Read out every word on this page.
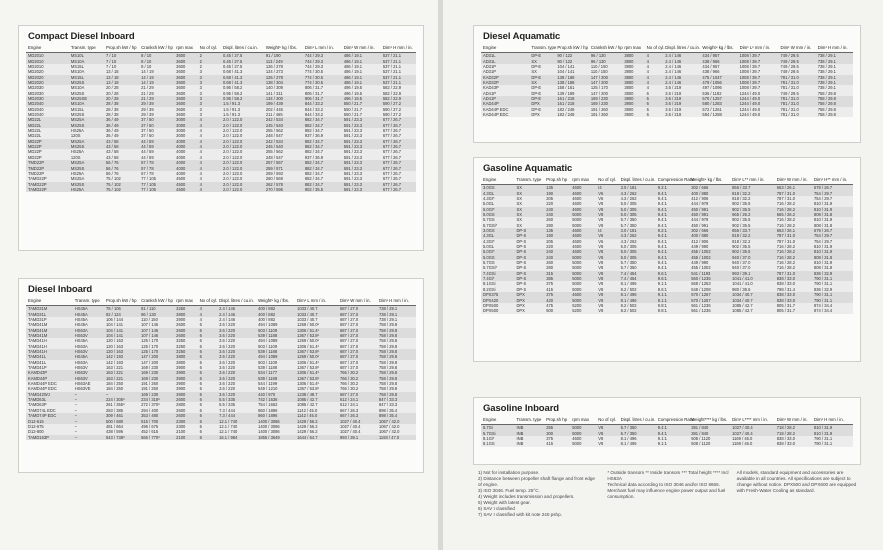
Compact Diesel Inboard
Engine	Transm. type	Prop.sh kW / hp	Cranksh kW / hp	rpm max	No of cyl.	Displ. litres / cu.in.	Weight⁵ kg / lbs.	Dim¹ L mm / in.	Dim¹ W mm / in.	Dim¹ H mm / in.
MD2010	MS10L	7 / 10	8 / 10	3600	2	0.45 / 27.5	91 / 190	744 / 29.3	486 / 19.1	537 / 21.1
MD2010	MS10A	7 / 10	8 / 10	3600	2	0.45 / 27.5	113 / 249	744 / 29.3	486 / 19.1	537 / 21.1
MD2010	MS15L	7 / 10	8 / 10	3600	2	0.45 / 27.5	126 / 278	744 / 29.3	486 / 19.1	537 / 21.1
MD2020	MS10A	13 / 18	14 / 19	3600	3	0.68 / 41.3	124 / 273	774 / 30.5	486 / 19.1	537 / 21.1
MD2020	MS15L	13 / 18	14 / 19	3600	3	0.68 / 41.3	126 / 278	774 / 30.5	486 / 19.1	537 / 21.1
MD2020	MS25S	13 / 18	14 / 19	3600	3	0.68 / 41.3	138 / 304	774 / 30.5	486 / 19.1	537 / 21.1
MD2030	MS10A	20 / 28	21 / 29	3600	3	0.95 / 58.2	140 / 309	806 / 31.7	496 / 19.5	582 / 22.9
MD2030	MS25S	20 / 28	21 / 29	3600	3	0.95 / 58.2	141 / 311	806 / 31.7	496 / 19.5	582 / 22.9
MD2030	MS25SE	20 / 28	21 / 29	3600	3	0.95 / 58.2	134 / 300	806 / 31.7	496 / 19.5	582 / 22.9
MD2040	MS10A	28 / 38	29 / 39	3600	3	1.5 / 91.3	199 / 439	844 / 33.2	550 / 21.7	590 / 27.2
MD2040	MS15L	28 / 38	29 / 39	3600	3	1.5 / 91.3	202 / 445	844 / 33.2	550 / 21.7	590 / 27.2
MD2040	MS25S	28 / 38	29 / 39	3600	3	1.5 / 91.3	211 / 465	844 / 33.2	550 / 21.7	590 / 27.2
MD22L	MS25A	36 / 49	37 / 50	3000	4	2.0 / 122.0	242 / 534	882 / 34.7	591 / 23.3	677 / 26.7
MD22L	MS25S	36 / 49	37 / 50	3000	4	2.0 / 122.0	245 / 540	882 / 34.7	591 / 23.3	677 / 26.7
MD22L	HS25A	36 / 49	37 / 50	3000	4	2.0 / 122.0	255 / 562	882 / 34.7	591 / 23.3	677 / 26.7
MD22L	120S	36 / 49	37 / 50	3000	4	2.0 / 122.0	248 / 547	937 / 36.9	591 / 23.3	677 / 26.7
MD22P	MS25A	43 / 58	44 / 59	4000	4	2.0 / 122.0	242 / 534	882 / 34.7	591 / 23.3	677 / 26.7
MD22P	MS25S	43 / 58	44 / 59	4000	4	2.0 / 122.0	245 / 540	882 / 34.7	591 / 23.3	677 / 26.7
MD22P	HS25A	43 / 58	44 / 59	4000	4	2.0 / 122.0	255 / 562	882 / 34.7	591 / 23.3	677 / 26.7
MD22P	120S	43 / 58	44 / 59	4000	4	2.0 / 122.0	248 / 547	937 / 36.9	591 / 23.3	677 / 26.7
TMD22P	MS25A	56 / 76	57 / 78	4000	4	2.0 / 122.0	257 / 567	882 / 34.7	591 / 23.3	677 / 26.7
TMD22P	MS25S	56 / 76	57 / 78	4000	4	2.0 / 122.0	259 / 571	882 / 34.7	591 / 23.3	677 / 26.7
TMD22P	HS25A	56 / 76	57 / 78	4000	4	2.0 / 122.0	269 / 593	882 / 34.7	591 / 23.3	677 / 26.7
TAMD22P	MS25A	75 / 102	77 / 105	4500	4	2.0 / 122.0	260 / 569	882 / 34.7	591 / 23.3	677 / 26.7
TAMD22P	MS25S	75 / 102	77 / 105	4500	4	2.0 / 122.0	262 / 578	882 / 34.7	591 / 23.3	677 / 26.7
TAMD22P	HS25A	75 / 102	77 / 105	4500	4	2.0 / 122.0	270 / 595	902 / 35.5	591 / 23.3	677 / 26.7
Diesel Inboard
Engine	Transm. type	Prop.sh kW / hp	Cranksh kW / hp	rpm max	No of cyl.	Displ. litres / cu.in.	Weight⁵ kg / lbs.	Dim¹ L mm / in.	Dim¹ W mm / in.	Dim¹ H mm / in.
TAMD31M	HS45A	78 / 106	81 / 110	3250	4	2.4 / 146	400 / 882	1033 / 40.7	687 / 27.0	738 / 29.1
TAMD31L	HS45A	92 / 124	96 / 130	3800	4	2.4 / 146	400 / 882	1033 / 40.7	687 / 27.0	738 / 29.1
TAMD31P	HS45A	106 / 144	110 / 150	3900	4	2.4 / 146	400 / 882	1033 / 40.7	687 / 27.0	738 / 29.1
TAMD41M	HS45A	104 / 141	107 / 146	2600	6	3.6 / 220	494 / 1089	1269 / 50.0⁶	687 / 27.0	758 / 29.8
TAMD41M	HS63A	104 / 141	107 / 146	2600	6	3.6 / 220	503 / 1109	1306 / 51.4⁶	687 / 27.0	758 / 29.8
TAMD41M	HS63V	104 / 141	107 / 146	2600	6	3.6 / 220	539 / 1188	1367 / 53.8⁶	687 / 27.0	758 / 29.8
TAMD41H	HS45A	120 / 163	125 / 170	3250	6	3.6 / 220	494 / 1089	1269 / 50.0⁶	687 / 27.0	758 / 29.8
TAMD41H	HS63A	120 / 163	125 / 170	3250	6	3.6 / 220	503 / 1109	1306 / 51.4⁶	687 / 27.0	758 / 29.8
TAMD41H	HS63V	120 / 163	125 / 170	3250	6	3.6 / 220	539 / 1188	1367 / 53.8⁶	687 / 27.0	758 / 29.8
TAMD41L	HS45A	142 / 193	147 / 200	3800	6	3.6 / 220	494 / 1089	1269 / 50.0⁶	687 / 27.0	758 / 29.8
TAMD41L	HS63A	142 / 193	147 / 200	3800	6	3.6 / 220	503 / 1109	1306 / 51.4⁶	687 / 27.0	758 / 29.8
TAMD41P	HS63V	163 / 221	169 / 230	3900	6	3.6 / 220	539 / 1188	1367 / 53.8⁶	687 / 27.0	758 / 29.8
KAMD43P	HS63V	163 / 221	169 / 230	3900	6	3.6 / 220	534 / 1177	1306 / 51.4⁶	766 / 30.2	758 / 29.8
KAMD44P	HS63V	163 / 221	169 / 230	3900	6	3.6 / 220	539 / 1188	1367 / 53.8⁶	766 / 30.2	758 / 29.8
KAMD44P EDC	HS63AE	184 / 250	191 / 260	3900	6	3.6 / 220	544 / 1199	1306 / 51.4⁶	766 / 30.2	758 / 29.8
KAMD44P EDC	HS63VE	184 / 250	191 / 260	3900	6	3.6 / 220	549 / 1210	1367 / 53.8⁶	766 / 30.2	758 / 29.8
TAMD42WJ	–	–	169 / 230	3900	6	3.6 / 220	440 / 970	1238 / 48.7	687 / 27.0	758 / 29.8
TAMD63L	–	224 / 305⁸	234 / 318⁸	2600	6	5.5 / 335	742 / 1636	1085 / 42.7	612 / 24.1	847 / 33.3
TAMD63P	–	261 / 355⁸	272 / 370⁸	2800	6	5.5 / 335	754 / 1662	1085 / 42.7	612 / 24.1	847 / 33.3
TAMD74L EDC	–	283 / 385	294 / 400	2600	6	7.3 / 444	860 / 1896	1142 / 45.0	667 / 26.3	898 / 35.4
TAMD74P EDC	–	309 / 461	353 / 480	2600	6	7.3 / 444	860 / 1896	1142 / 45.0	667 / 26.3	898 / 35.4
D12-615	–	500 / 680	515 / 700	2300	6	12.1 / 740	1400 / 3086	1429 / 56.2	1027 / 40.4	1067 / 42.0
D12-675	–	481 / 654	496 / 675	2300	6	12.1 / 740	1400 / 3086	1429 / 56.2	1027 / 40.4	1067 / 42.0
D12-800	–	438 / 596	452 / 615	2100	6	12.1 / 740	1400 / 3086	1429 / 56.2	1027 / 40.4	1067 / 42.0
TAMD163P	–	543 / 738⁸	566 / 770⁸	2100	6	16.1 / 984	1855 / 3649	1644 / 64.7	993 / 39.1	1193 / 47.0
Diesel Aquamatic
Engine	Transm. type	Prop.sh kW / hp	Cranksh kW / hp	rpm max	No of cyl.	Displ. litres / cu.in.	Weight⁴ kg / lbs.	Dim¹ L² mm / in.	Dim¹ W mm / in.	Dim¹ H mm / in.
AD31L	DP-E	90 / 122	96 / 130	3800	4	2.4 / 146	434 / 957	1008 / 39.7	749 / 29.5	738 / 29.1
AD31L	SX	90 / 122	96 / 130	3800	4	2.4 / 146	438 / 966	1008 / 39.7	749 / 29.5	738 / 29.1
AD31P	DP-E	104 / 141	110 / 150	3900	4	2.4 / 146	434 / 957	1008 / 39.7	749 / 29.5	738 / 29.1
AD31P	SX	104 / 141	110 / 150	3900	4	2.4 / 146	438 / 966	1008 / 39.7	749 / 29.5	738 / 29.1
KAD32P	DP-E	138 / 188	147 / 200	3800	4	2.4 / 146	475 / 1047	1008 / 39.7	781 / 31.0	738 / 29.1
KAD32P	SX	138 / 188	147 / 200	3800	4	2.4 / 146	479 / 1056	1008 / 39.7	781 / 31.0	738 / 29.1
KAD43P	DP-E	158 / 161	125 / 170	3800	4	3.6 / 219	497 / 1096	1008 / 39.7	781 / 31.0	738 / 29.1
AD41P	DP-E	139 / 189	147 / 200	3800	6	3.6 / 219	536 / 1182	1244 / 49.0	749 / 29.5	758 / 29.8
AD41P	DP-E	161 / 218	169 / 230	3900	6	3.6 / 219	570 / 1257	1244 / 49.0	781 / 31.0	758 / 29.8
KAD44P	DPX	161 / 218	169 / 230	3900	6	3.6 / 219	580 / 1283	1244 / 49.0	781 / 31.0	758 / 29.8
KAD44P EDC	DP-E	182 / 248	191 / 260	3900	6	3.6 / 219	572 / 1261	1244 / 49.0	781 / 31.0	758 / 29.8
KAD44P EDC	DPX	182 / 248	191 / 260	3900	6	3.6 / 219	584 / 1288	1244 / 49.0	781 / 31.0	758 / 29.8
Gasoline Aquamatic
Engine	Transm. type	Prop.sh hp	rpm max	No of cyl.	Displ. litres / cu.in.	Compression Ratio	Weight⁴ kg / lbs.	Dim¹ L** mm / in.	Dim¹ W mm / in.	Dim¹ H** mm / in.
3.0GS	SX	135	4600	I4	3.0 / 181	9.2:1	302 / 666	856 / 33.7	663 / 26.1	679 / 26.7
4.3GL	SX	190	4600	V6	4.3 / 262	9.4:1	400 / 880	818 / 32.2	787 / 31.0	754 / 29.7
4.3GI*	SX	205	4600	V6	4.3 / 262	9.4:1	412 / 906	818 / 32.2	787 / 31.0	754 / 29.7
5.0GL	SX	220	4600	V8	5.0 / 305	9.4:1	444 / 979	902 / 35.5	716 / 28.2	810 / 31.9
5.0GI*	SX	240	4600	V8	5.0 / 305	9.4:1	450 / 991	902 / 35.5	716 / 28.2	810 / 31.9
5.0GS	SX	240	5000	V8	5.0 / 305	9.4:1	450 / 991	665 / 26.2	665 / 26.2	808 / 31.8
5.7GS	SX	260	5000	V8	5.7 / 350	9.4:1	444 / 979	902 / 35.5	716 / 28.2	810 / 31.9
5.7GSi*	SX	280	5000	V8	5.7 / 350	9.4:1	450 / 991	902 / 35.5	716 / 28.2	808 / 31.8
3.0GS	DP-S	135	4600	I4	3.0 / 181	9.2:1	302 / 666	856 / 33.7	663 / 26.1	679 / 26.7
4.3GL	DP-S	190	4600	V6	4.3 / 262	9.4:1	400 / 880	818 / 32.2	787 / 31.0	754 / 29.7
4.3GI*	DP-S	205	4600	V6	4.3 / 262	9.4:1	412 / 906	818 / 32.2	787 / 31.0	754 / 29.7
5.0GL	DP-S	220	4600	V8	5.0 / 305	9.4:1	449 / 990	902 / 35.5	716 / 28.2	810 / 31.9
5.0GI*	DP-S	240	4600	V8	5.0 / 305	9.4:1	455 / 1002	902 / 35.5	716 / 28.2	810 / 31.9
5.0GS	DP-S	240	5000	V8	5.0 / 305	9.4:1	455 / 1002	940 / 37.0	716 / 28.2	808 / 31.8
5.7GS	DP-S	260	5000	V8	5.7 / 350	9.4:1	449 / 990	940 / 37.0	716 / 28.2	810 / 31.9
5.7GSi*	DP-S	280	5000	V8	5.7 / 350	9.4:1	455 / 1002	940 / 37.0	716 / 28.2	808 / 31.8
7.4GSi	DP-S	315	5000	V8	7.4 / 454	9.6:1	541 / 1193	993 / 39.1	787 / 31.0	836 / 32.9
7.4Gi*	DP-S	385	5000	V8	7.4 / 454	9.6:1	560 / 1235	1041 / 41.0	838 / 33.0	790 / 31.1
8.1GSi	DP-S	375	5000	V8	8.1 / 496	9.1:1	568 / 1253	1041 / 41.0	838 / 33.0	790 / 31.1
8.2GSi	DP-S	415	5000	V8	8.2 / 502	8.6:1	548 / 1208	980 / 38.6	798 / 31.4	836 / 32.9
DPX375	DPX	375	4600	V8	8.1 / 496	9.1:1	570 / 1257	1034 / 40.7	838 / 33.0	790 / 31.1
DPX420	DPX	420	5000	V8	8.1 / 496	9.1:1	570 / 1257	1034 / 40.7	838 / 33.0	790 / 31.1
DPX500	DPX	475	5200	V8	8.2 / 502	9.8:1	561 / 1236	1085 / 42.7	805 / 31.7	874 / 34.4
DPX500	DPX	500	5200	V8	8.2 / 502	9.8:1	561 / 1236	1085 / 42.7	805 / 31.7	874 / 34.4
Gasoline Inboard
Engine	Transm. type	Prop.sh hp	rpm max	No of cyl.	Displ. litres / cu.in.	Compression Ratio	Weight**** kg / lbs.	Dim¹ L**** mm / in.	Dim¹ W mm / in.	Dim¹ H mm / in.
5.7Gi	INB	255	5000	V8	5.7 / 350	9.4:1	381 / 840	1027 / 40.4	718 / 28.2	810 / 31.9
5.7GSi	INB	300	5000	V8	5.7 / 350	9.4:1	381 / 840	1027 / 40.4	718 / 28.2	810 / 31.9
8.1Gi*	INB	375	4600	V8	8.1 / 496	9.1:1	508 / 1120	1169 / 46.0	838 / 33.0	790 / 31.1
8.1GS	INB	415	5000	V8	8.1 / 496	9.1:1	508 / 1120	1169 / 46.0	838 / 33.0	790 / 31.1
1) Not for installation purpose.
2) Distance between propeller shaft flange and front edge of engine.
3) ISO 3046. Fuel temp. 25°C.
4) Weight includes transmission and propellers.
5) Weight with latest gear.
6) SAV I classified
7) SAV I classified with kit note 240 pshp.
* Outside transom ** Inside transom *** Total height **** Incl HS63A
Technical data according to ISO 3046 and/or ISO 8665. Merchant fuel may influence engine power output and fuel consumption.
All models, standard equipment and accessories are available in all countries. All specifications are subject to change without notice. DPX500 and DPX600 are equipped with Fresh-Water Cooling as standard.
